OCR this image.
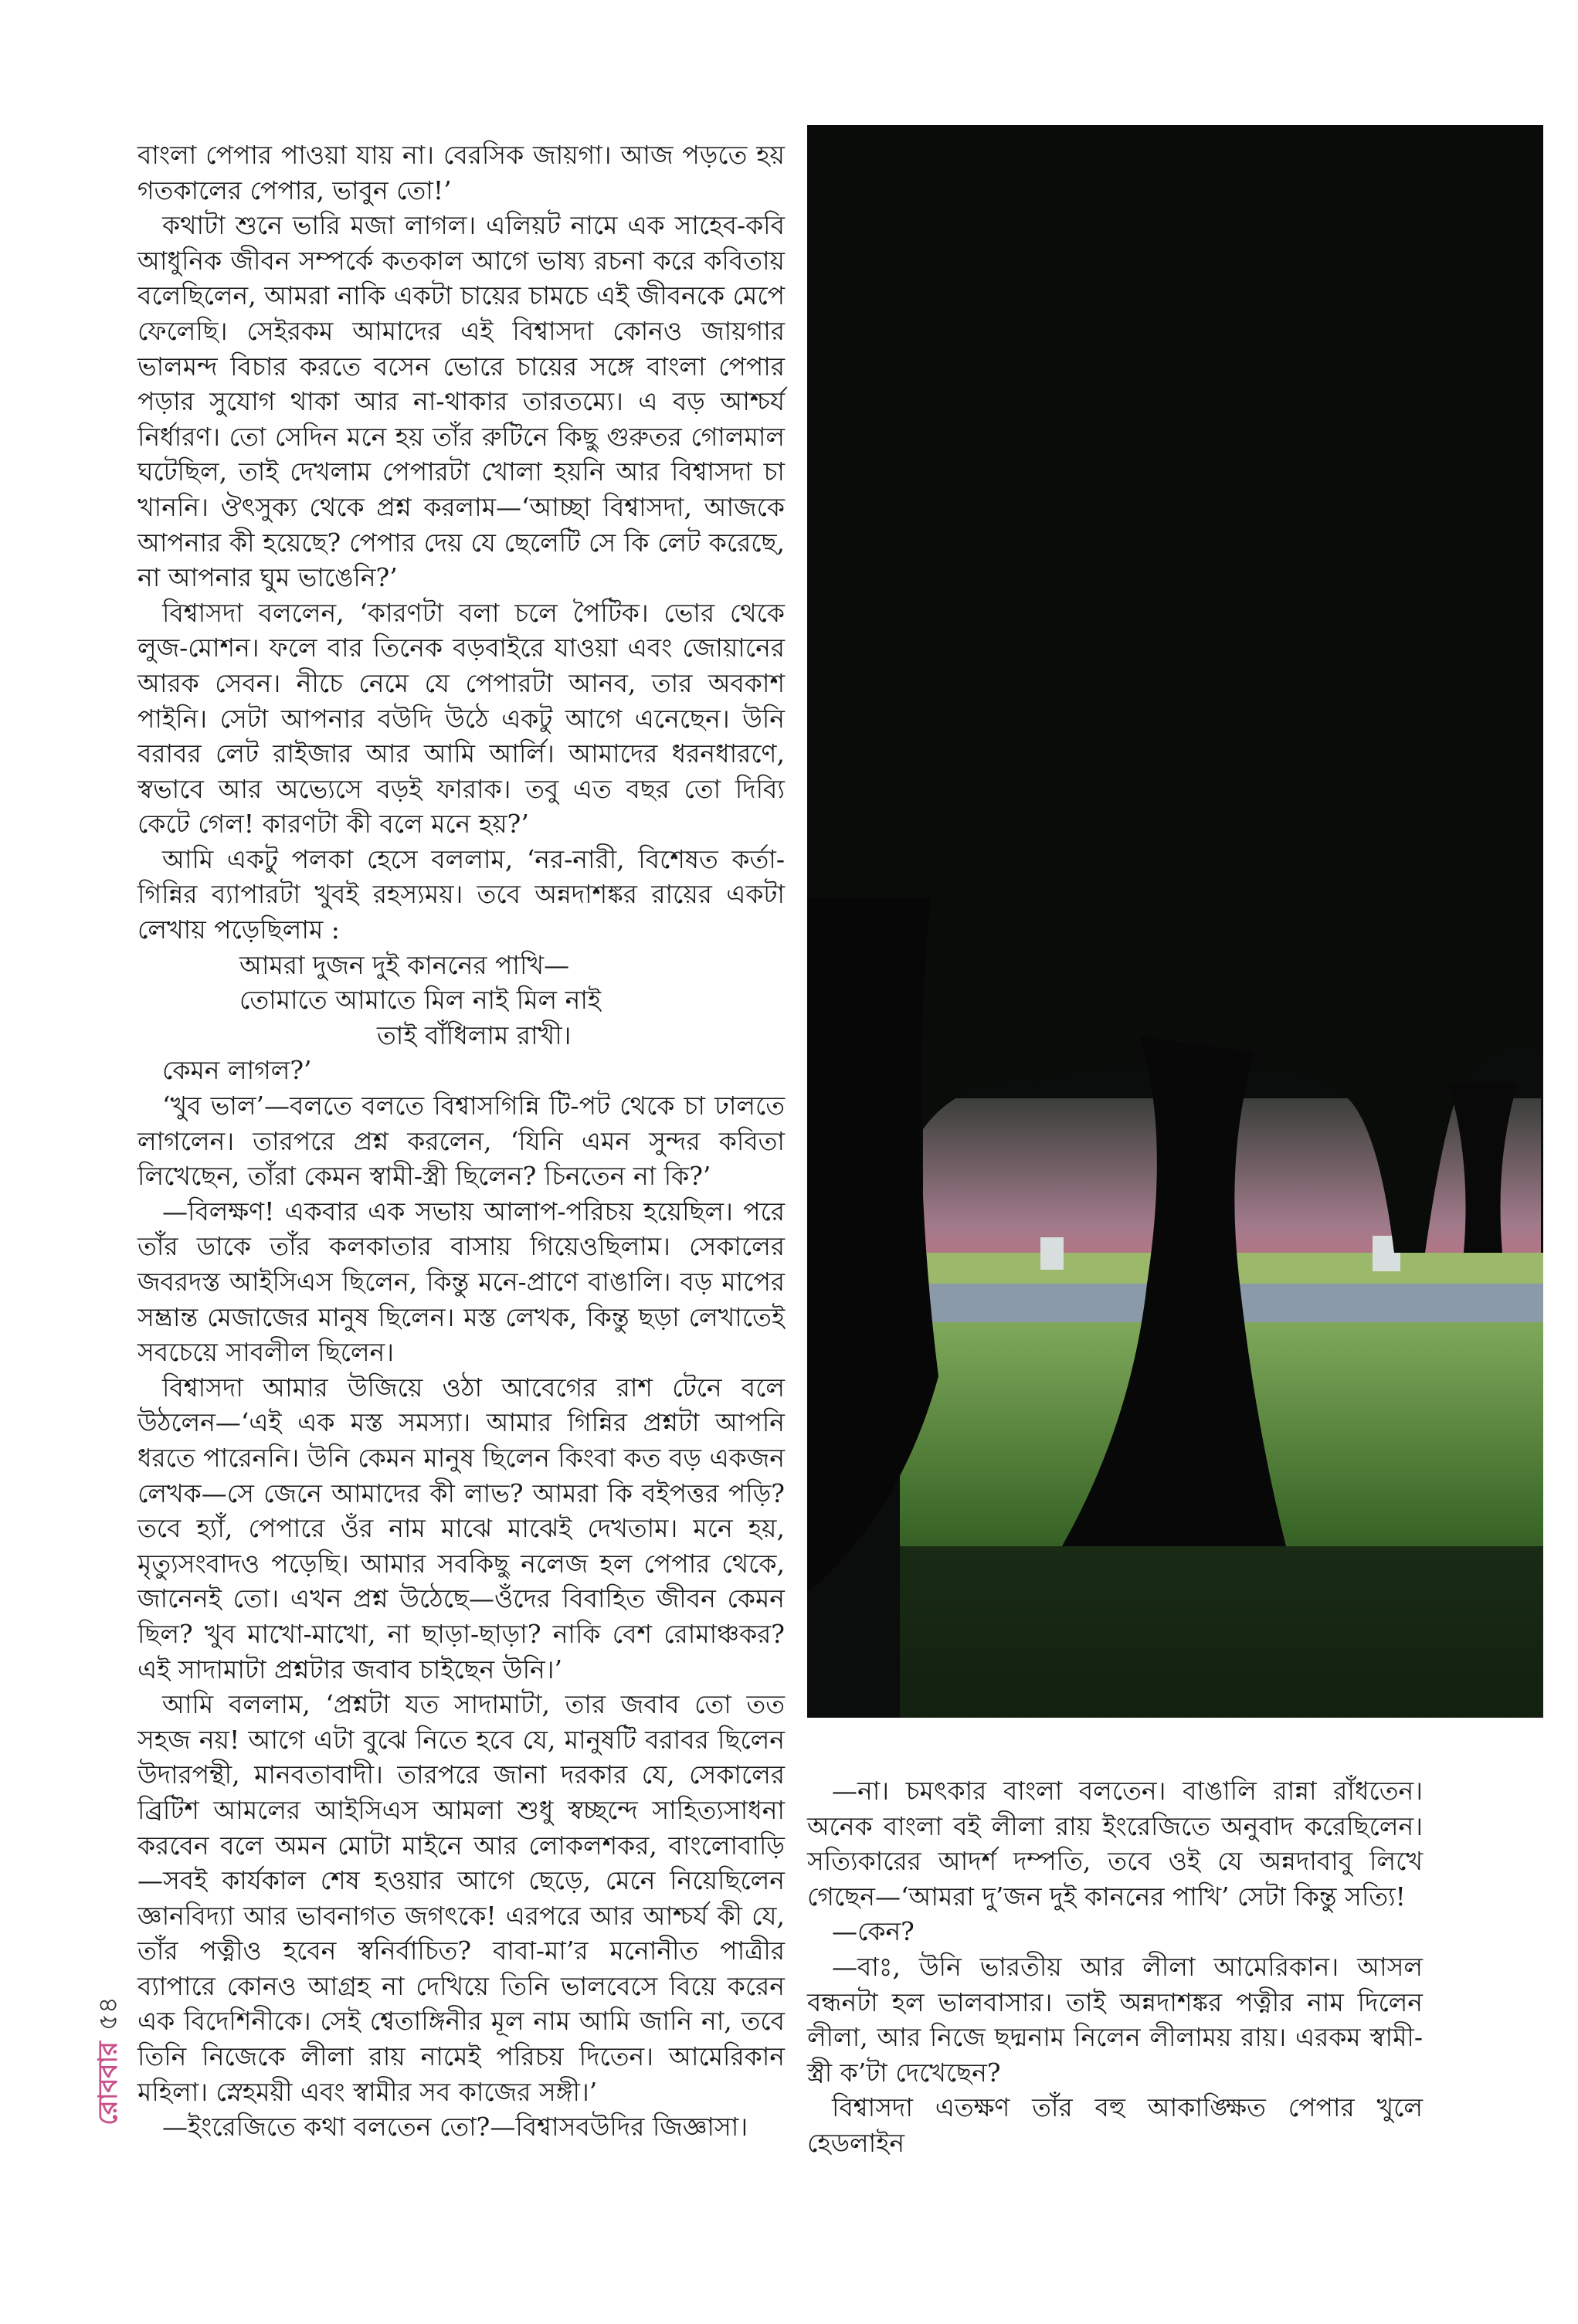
বাংলা পেপার পাওয়া যায় না। বেরসিক জায়গা। আজ পড়তে হয় গতকালের পেপার, ভাবুন তো!’

কথাটা শুনে ভারি মজা লাগল। এলিয়ট নামে এক সাহেব-কবি আধুনিক জীবন সম্পর্কে কতকাল আগে ভাষ্য রচনা করে কবিতায় বলেছিলেন, আমরা নাকি একটা চায়ের চামচে এই জীবনকে মেপে ফেলেছি। সেইরকম আমাদের এই বিশ্বাসদা কোনও জায়গার ভালমন্দ বিচার করতে বসেন ভোরে চায়ের সঙ্গে বাংলা পেপার পড়ার সুযোগ থাকা আর না-থাকার তারতম্যে। এ বড় আশ্চর্য নির্ধারণ। তো সেদিন মনে হয় তাঁর রুটিনে কিছু গুরুতর গোলমাল ঘটেছিল, তাই দেখলাম পেপারটা খোলা হয়নি আর বিশ্বাসদা চা খাননি। ঔৎসুক্য থেকে প্রশ্ন করলাম—‘আচ্ছা বিশ্বাসদা, আজকে আপনার কী হয়েছে? পেপার দেয় যে ছেলেটি সে কি লেট করেছে, না আপনার ঘুম ভাঙেনি?’

বিশ্বাসদা বললেন, ‘কারণটা বলা চলে পৈটিক। ভোর থেকে লুজ-মোশন। ফলে বার তিনেক বড়বাইরে যাওয়া এবং জোয়ানের আরক সেবন। নীচে নেমে যে পেপারটা আনব, তার অবকাশ পাইনি। সেটা আপনার বউদি উঠে একটু আগে এনেছেন। উনি বরাবর লেট রাইজার আর আমি আর্লি। আমাদের ধরনধারণে, স্বভাবে আর অভ্যেসে বড়ই ফারাক। তবু এত বছর তো দিব্যি কেটে গেল! কারণটা কী বলে মনে হয়?’

আমি একটু পলকা হেসে বললাম, ‘নর-নারী, বিশেষত কর্তা-গিন্নির ব্যাপারটা খুবই রহস্যময়। তবে অন্নদাশঙ্কর রায়ের একটা লেখায় পড়েছিলাম :

আমরা দুজন দুই কাননের পাখি—
তোমাতে আমাতে মিল নাই মিল নাই
তাই বাঁধিলাম রাখী।

কেমন লাগল?’

‘খুব ভাল’—বলতে বলতে বিশ্বাসগিন্নি টি-পট থেকে চা ঢালতে লাগলেন। তারপরে প্রশ্ন করলেন, ‘যিনি এমন সুন্দর কবিতা লিখেছেন, তাঁরা কেমন স্বামী-স্ত্রী ছিলেন? চিনতেন না কি?’

—বিলক্ষণ! একবার এক সভায় আলাপ-পরিচয় হয়েছিল। পরে তাঁর ডাকে তাঁর কলকাতার বাসায় গিয়েওছিলাম। সেকালের জবরদস্ত আইসিএস ছিলেন, কিন্তু মনে-প্রাণে বাঙালি। বড় মাপের সম্ভ্রান্ত মেজাজের মানুষ ছিলেন। মস্ত লেখক, কিন্তু ছড়া লেখাতেই সবচেয়ে সাবলীল ছিলেন।

বিশ্বাসদা আমার উজিয়ে ওঠা আবেগের রাশ টেনে বলে উঠলেন—‘এই এক মস্ত সমস্যা। আমার গিন্নির প্রশ্নটা আপনি ধরতে পারেননি। উনি কেমন মানুষ ছিলেন কিংবা কত বড় একজন লেখক—সে জেনে আমাদের কী লাভ? আমরা কি বইপত্তর পড়ি? তবে হ্যাঁ, পেপারে ওঁর নাম মাঝে মাঝেই দেখতাম। মনে হয়, মৃত্যুসংবাদও পড়েছি। আমার সবকিছু নলেজ হল পেপার থেকে, জানেনই তো। এখন প্রশ্ন উঠেছে—ওঁদের বিবাহিত জীবন কেমন ছিল? খুব মাখো-মাখো, না ছাড়া-ছাড়া? নাকি বেশ রোমাঞ্চকর? এই সাদামাটা প্রশ্নটার জবাব চাইছেন উনি।’

আমি বললাম, ‘প্রশ্নটা যত সাদামাটা, তার জবাব তো তত সহজ নয়! আগে এটা বুঝে নিতে হবে যে, মানুষটি বরাবর ছিলেন উদারপন্থী, মানবতাবাদী। তারপরে জানা দরকার যে, সেকালের ব্রিটিশ আমলের আইসিএস আমলা শুধু স্বচ্ছন্দে সাহিত্যসাধনা করবেন বলে অমন মোটা মাইনে আর লোকলশকর, বাংলোবাড়ি—সবই কার্যকাল শেষ হওয়ার আগে ছেড়ে, মেনে নিয়েছিলেন জ্ঞানবিদ্যা আর ভাবনাগত জগৎকে! এরপরে আর আশ্চর্য কী যে, তাঁর পত্নীও হবেন স্বনির্বাচিত? বাবা-মা’র মনোনীত পাত্রীর ব্যাপারে কোনও আগ্রহ না দেখিয়ে তিনি ভালবেসে বিয়ে করেন এক বিদেশিনীকে। সেই শ্বেতাঙ্গিনীর মূল নাম আমি জানি না, তবে তিনি নিজেকে লীলা রায় নামেই পরিচয় দিতেন। আমেরিকান মহিলা। স্নেহময়ী এবং স্বামীর সব কাজের সঙ্গী।’

—ইংরেজিতে কথা বলতেন তো?—বিশ্বাসবউদির জিজ্ঞাসা।

—না। চমৎকার বাংলা বলতেন। বাঙালি রান্না রাঁধতেন। অনেক বাংলা বই লীলা রায় ইংরেজিতে অনুবাদ করেছিলেন। সত্যিকারের আদর্শ দম্পতি, তবে ওই যে অন্নদাবাবু লিখে গেছেন—‘আমরা দু’জন দুই কাননের পাখি’ সেটা কিন্তু সত্যি!

—কেন?

—বাঃ, উনি ভারতীয় আর লীলা আমেরিকান। আসল বন্ধনটা হল ভালবাসার। তাই অন্নদাশঙ্কর পত্নীর নাম দিলেন লীলা, আর নিজে ছদ্মনাম নিলেন লীলাময় রায়। এরকম স্বামী-স্ত্রী ক’টা দেখেছেন?

বিশ্বাসদা এতক্ষণ তাঁর বহু আকাঙ্ক্ষিত পেপার খুলে হেডলাইন

৫৪
রোববার
